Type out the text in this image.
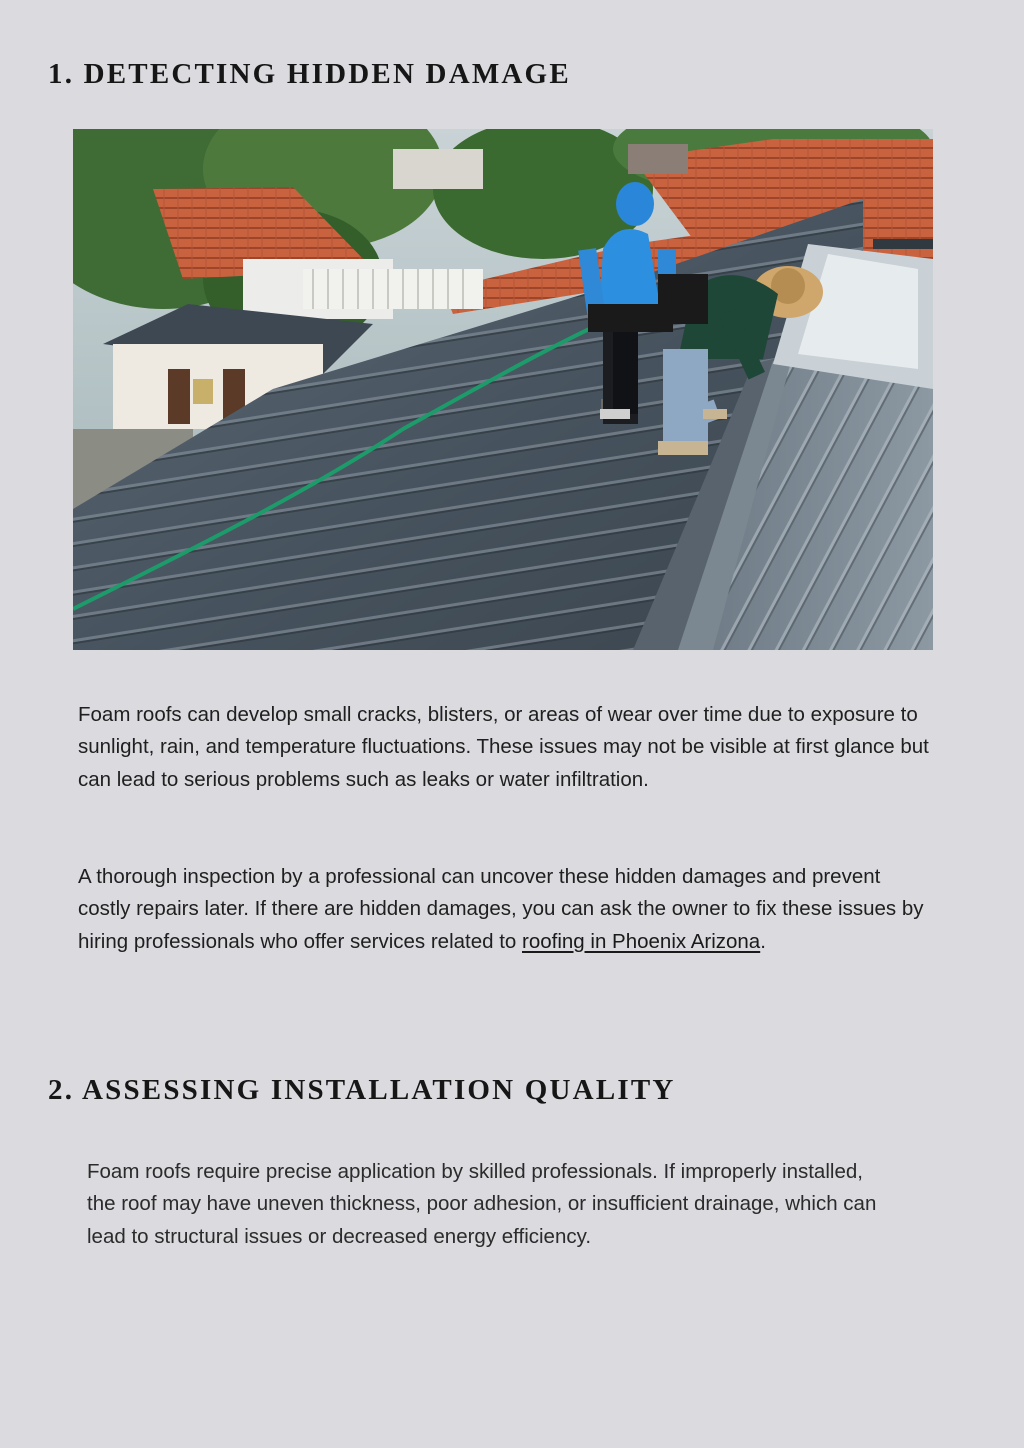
1. DETECTING HIDDEN DAMAGE

Foam roofs can develop small cracks, blisters, or areas of wear over time due to exposure to sunlight, rain, and temperature fluctuations. These issues may not be visible at first glance but can lead to serious problems such as leaks or water infiltration.

A thorough inspection by a professional can uncover these hidden damages and prevent costly repairs later. If there are hidden damages, you can ask the owner to fix these issues by hiring professionals who offer services related to roofing in Phoenix Arizona.

2. ASSESSING INSTALLATION QUALITY

Foam roofs require precise application by skilled professionals. If improperly installed, the roof may have uneven thickness, poor adhesion, or insufficient drainage, which can lead to structural issues or decreased energy efficiency.
